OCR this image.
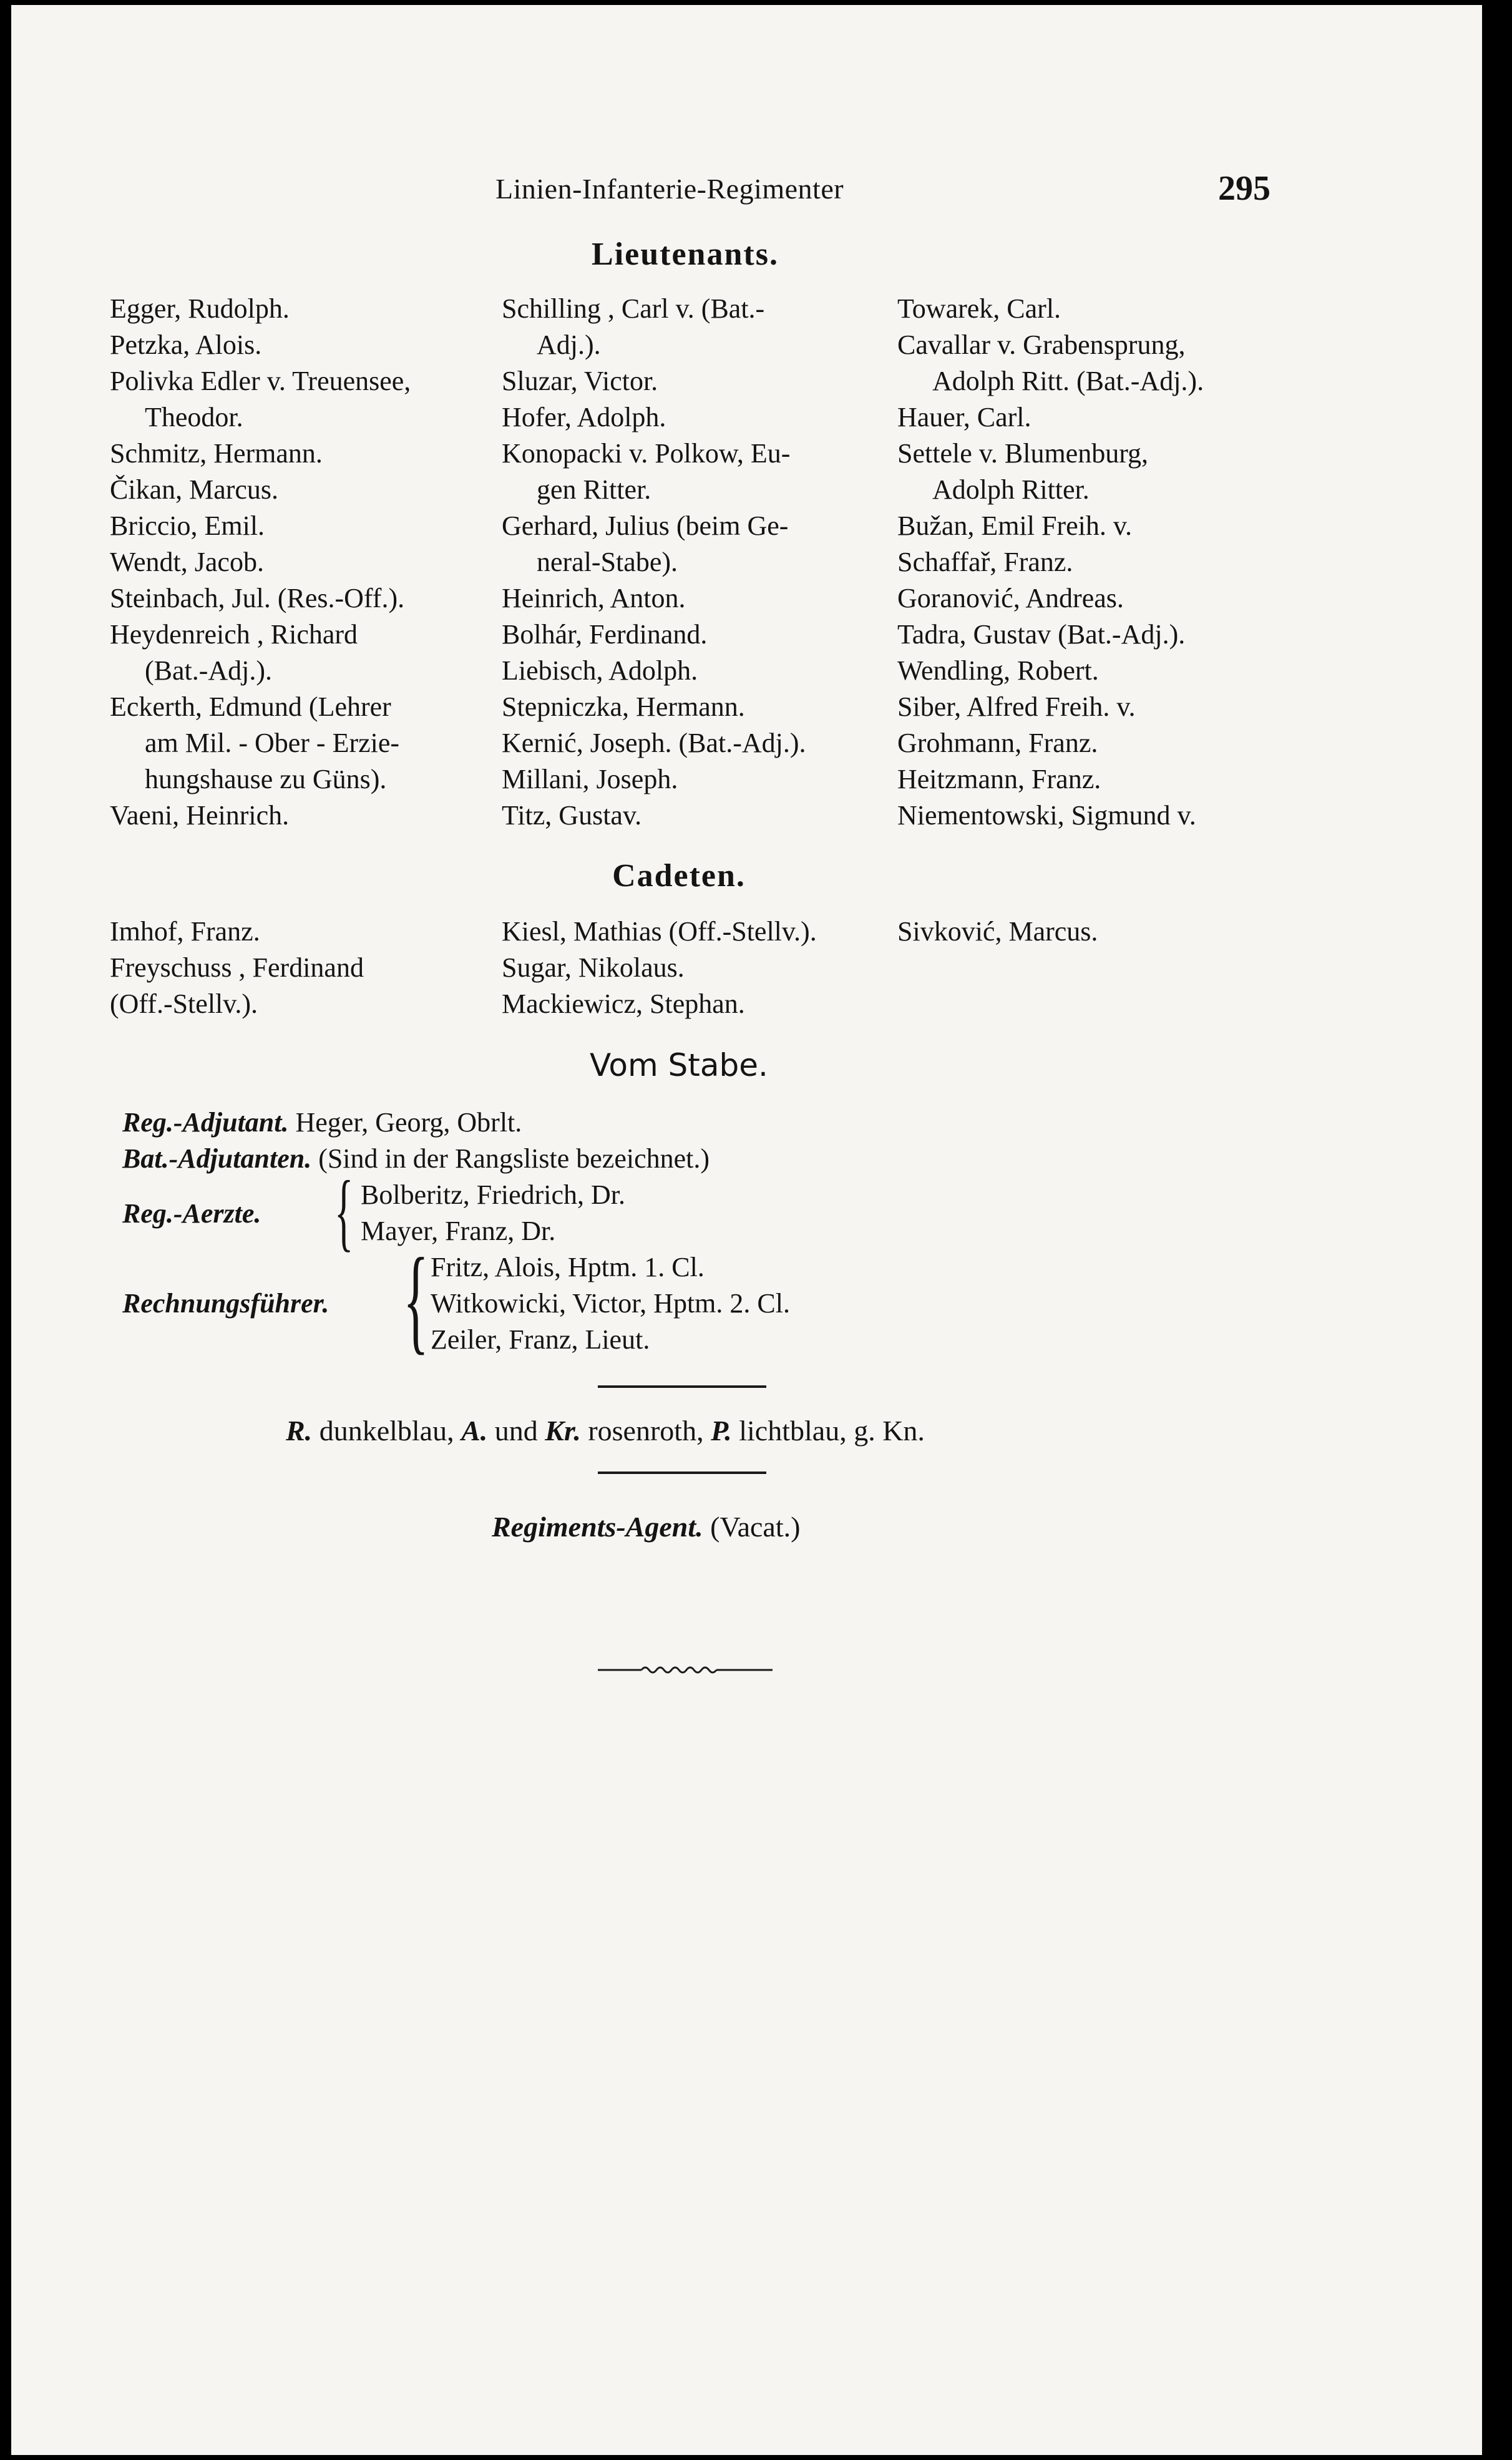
Linien-Infanterie-Regimenter	295
Lieutenants.
Egger, Rudolph.
Petzka, Alois.
Polivka Edler v. Treuensee,
Theodor.
Schmitz, Hermann.
Čikan, Marcus.
Briccio, Emil.
Wendt, Jacob.
Steinbach, Jul. (Res.-Off.).
Heydenreich , Richard
(Bat.-Adj.).
Eckerth, Edmund (Lehrer
am Mil. - Ober - Erzie-
hungshause zu Güns).
Vaeni, Heinrich.
Schilling , Carl v. (Bat.-
Adj.).
Sluzar, Victor.
Hofer, Adolph.
Konopacki v. Polkow, Eu-
gen Ritter.
Gerhard, Julius (beim Ge-
neral-Stabe).
Heinrich, Anton.
Bolhár, Ferdinand.
Liebisch, Adolph.
Stepniczka, Hermann.
Kernić, Joseph. (Bat.-Adj.).
Millani, Joseph.
Titz, Gustav.
Towarek, Carl.
Cavallar v. Grabensprung,
Adolph Ritt. (Bat.-Adj.).
Hauer, Carl.
Settele v. Blumenburg,
Adolph Ritter.
Bužan, Emil Freih. v.
Schaffař, Franz.
Goranović, Andreas.
Tadra, Gustav (Bat.-Adj.).
Wendling, Robert.
Siber, Alfred Freih. v.
Grohmann, Franz.
Heitzmann, Franz.
Niementowski, Sigmund v.
Cadeten.
Imhof, Franz.
Freyschuss , Ferdinand
(Off.-Stellv.).
Kiesl, Mathias (Off.-Stellv.).
Sugar, Nikolaus.
Mackiewicz, Stephan.
Sivković, Marcus.
Vom Stabe.
Reg.-Adjutant. Heger, Georg, Obrlt.
Bat.-Adjutanten. (Sind in der Rangsliste bezeichnet.)
Reg.-Aerzte. { Bolberitz, Friedrich, Dr.
Mayer, Franz, Dr.
Rechnungsführer. { Fritz, Alois, Hptm. 1. Cl.
Witkowicki, Victor, Hptm. 2. Cl.
Zeiler, Franz, Lieut.
R. dunkelblau, A. und Kr. rosenroth, P. lichtblau, g. Kn.
Regiments-Agent. (Vacat.)
